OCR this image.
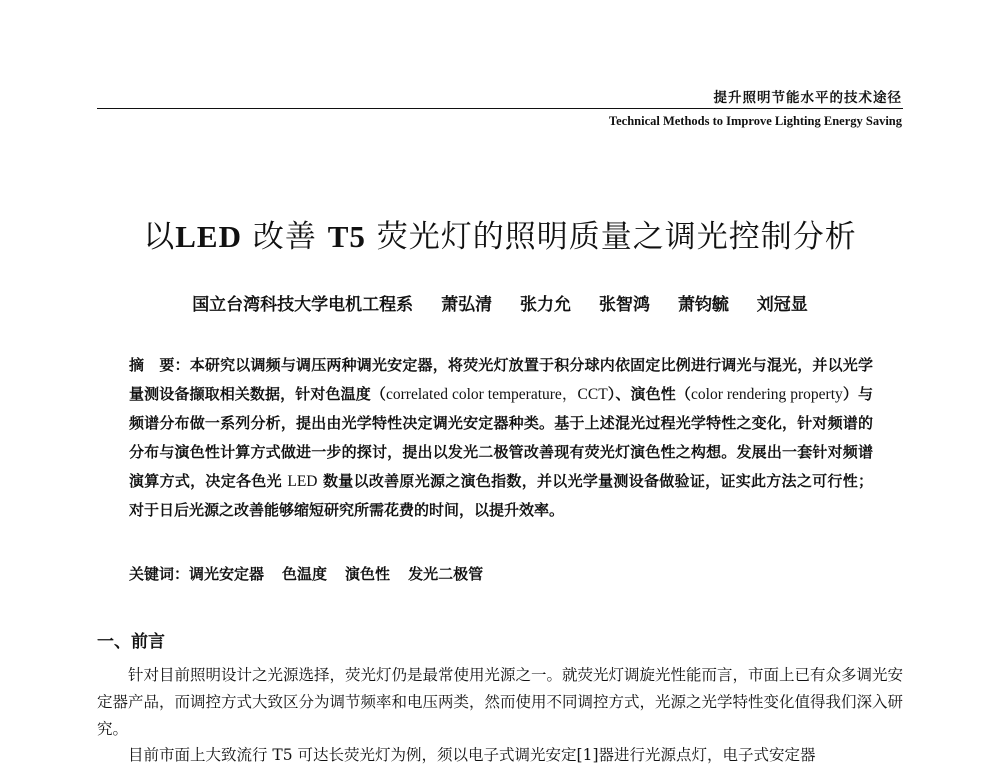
提升照明节能水平的技术途径
Technical Methods to Improve Lighting Energy Saving
以LED 改善 T5 荧光灯的照明质量之调光控制分析
国立台湾科技大学电机工程系 萧弘清 张力允 张智鸿 萧钧毓 刘冠显
摘　要：本研究以调频与调压两种调光安定器，将荧光灯放置于积分球内依固定比例进行调光与混光，并以光学量测设备撷取相关数据，针对色温度（correlated color temperature，CCT）、演色性（color rendering property）与频谱分布做一系列分析，提出由光学特性决定调光安定器种类。基于上述混光过程光学特性之变化，针对频谱的分布与演色性计算方式做进一步的探讨，提出以发光二极管改善现有荧光灯演色性之构想。发展出一套针对频谱演算方式，决定各色光 LED 数量以改善原光源之演色指数，并以光学量测设备做验证，证实此方法之可行性；对于日后光源之改善能够缩短研究所需花费的时间，以提升效率。
关键词：调光安定器 色温度 演色性 发光二极管
一、前言
针对目前照明设计之光源选择，荧光灯仍是最常使用光源之一。就荧光灯调旋光性能而言，市面上已有众多调光安定器产品，而调控方式大致区分为调节频率和电压两类，然而使用不同调控方式，光源之光学特性变化值得我们深入研究。
目前市面上大致流行 T5 可达长荧光灯为例，须以电子式调光安定[1]器进行光源点灯，电子式安定器
